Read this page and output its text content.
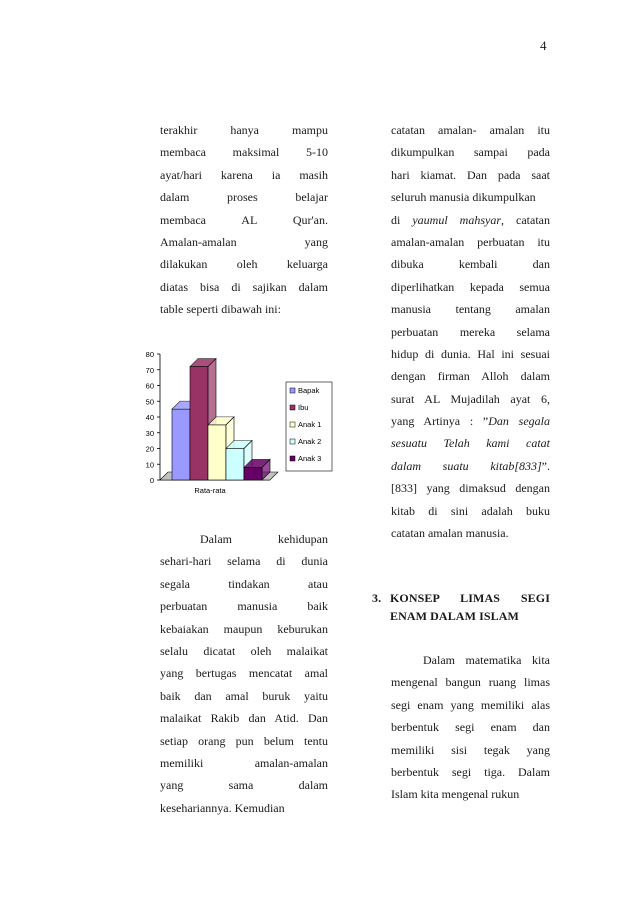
4
terakhir hanya mampu
membaca maksimal 5-10
ayat/hari karena ia masih
dalam proses belajar
membaca AL Qur'an.
Amalan-amalan yang
dilakukan oleh keluarga
diatas bisa di sajikan dalam
table seperti dibawah ini:
0
10
20
30
40
50
60
70
80
Rata-rata
Bapak
Ibu
Anak 1
Anak 2
Anak 3
Dalam kehidupan
sehari-hari selama di dunia
segala tindakan atau
perbuatan manusia baik
kebaiakan maupun keburukan
selalu dicatat oleh malaikat
yang bertugas mencatat amal
baik dan amal buruk yaitu
malaikat Rakib dan Atid. Dan
setiap orang pun belum tentu
memiliki amalan-amalan
yang sama dalam
kesehariannya. Kemudian
catatan amalan- amalan itu
dikumpulkan sampai pada
hari kiamat. Dan pada saat
seluruh manusia dikumpulkan
di yaumul mahsyar, catatan
amalan-amalan perbuatan itu
dibuka kembali dan
diperlihatkan kepada semua
manusia tentang amalan
perbuatan mereka selama
hidup di dunia. Hal ini sesuai
dengan firman Alloh dalam
surat AL Mujadilah ayat 6,
yang Artinya : ”Dan segala
sesuatu Telah kami catat
dalam suatu kitab[833]”.
[833] yang dimaksud dengan
kitab di sini adalah buku
catatan amalan manusia.
3. KONSEP LIMAS SEGI
ENAM DALAM ISLAM
Dalam matematika kita
mengenal bangun ruang limas
segi enam yang memiliki alas
berbentuk segi enam dan
memiliki sisi tegak yang
berbentuk segi tiga. Dalam
Islam kita mengenal rukun
